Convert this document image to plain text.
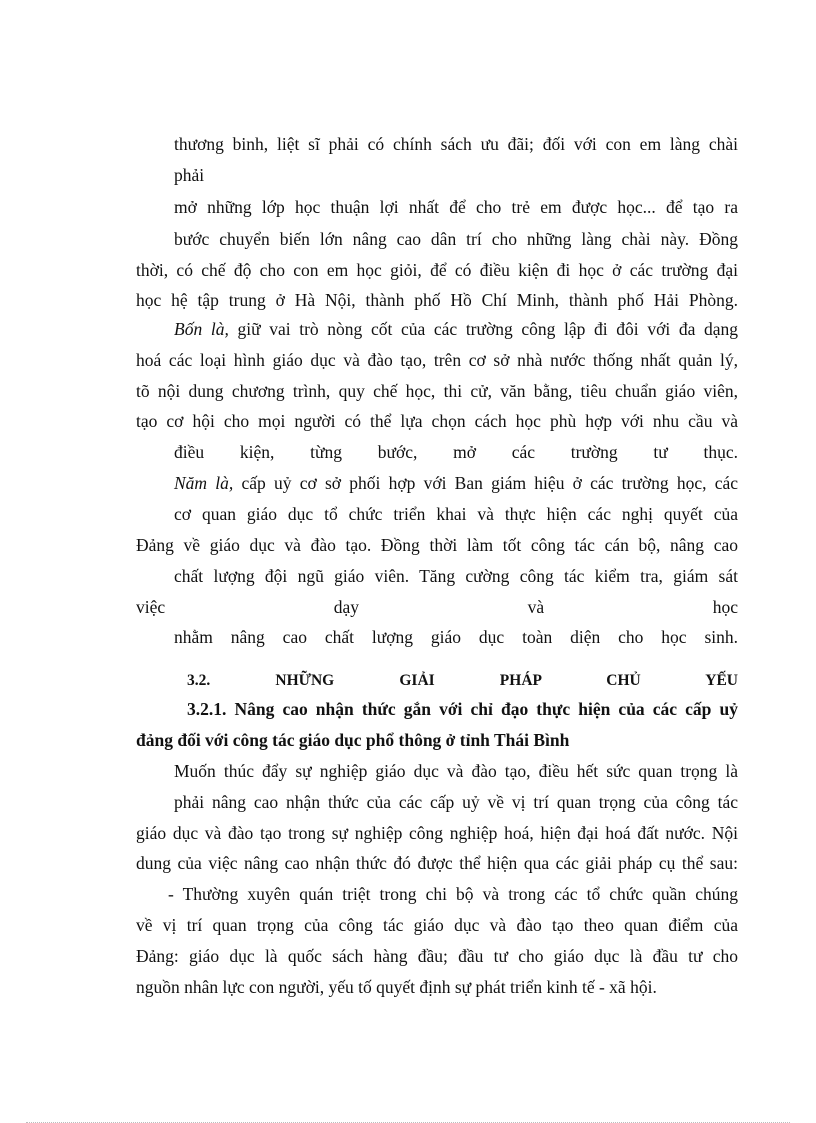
thương binh, liệt sĩ phải có chính sách ưu đãi; đối với con em làng chài

phải

mở những lớp học thuận lợi nhất để cho trẻ em được học... để tạo ra

bước chuyển biến lớn nâng cao dân trí cho những làng chài này. Đồng

thời, có chế độ cho con em học giỏi, để có điều kiện đi học ở các trường đại

học hệ tập trung ở Hà Nội, thành phố Hồ Chí Minh, thành phố Hải Phòng.

Bốn là, giữ vai trò nòng cốt của các trường công lập đi đôi với đa dạng

hoá các loại hình giáo dục và đào tạo, trên cơ sở nhà nước thống nhất quản lý,

tõ nội dung chương trình, quy chế học, thi cử, văn bằng, tiêu chuẩn giáo viên,

tạo cơ hội cho mọi người có thể lựa chọn cách học phù hợp với nhu cầu và

điều kiện, từng bước, mở các trường tư thục.

Năm là, cấp uỷ cơ sở phối hợp với Ban giám hiệu ở các trường học, các

cơ quan giáo dục tổ chức triển khai và thực hiện các nghị quyết của

Đảng về giáo dục và đào tạo. Đồng thời làm tốt công tác cán bộ, nâng cao

chất lượng đội ngũ giáo viên. Tăng cường công tác kiểm tra, giám sát

việc dạy và học

nhằm nâng cao chất lượng giáo dục toàn diện cho học sinh.

3.2. NHỮNG GIẢI PHÁP CHỦ YẾU

3.2.1. Nâng cao nhận thức gắn với chỉ đạo thực hiện của các cấp uỷ

đảng đối với công tác giáo dục phổ thông ở tỉnh Thái Bình

Muốn thúc đẩy sự nghiệp giáo dục và đào tạo, điều hết sức quan trọng là

phải nâng cao nhận thức của các cấp uỷ về vị trí quan trọng của công tác

giáo dục và đào tạo trong sự nghiệp công nghiệp hoá, hiện đại hoá đất nước. Nội

dung của việc nâng cao nhận thức đó được thể hiện qua các giải pháp cụ thể sau:

- Thường xuyên quán triệt trong chi bộ và trong các tổ chức quần chúng

về vị trí quan trọng của công tác giáo dục và đào tạo theo quan điểm của

Đảng: giáo dục là quốc sách hàng đầu; đầu tư cho giáo dục là đầu tư cho

nguồn nhân lực con người, yếu tố quyết định sự phát triển kinh tế - xã hội.
